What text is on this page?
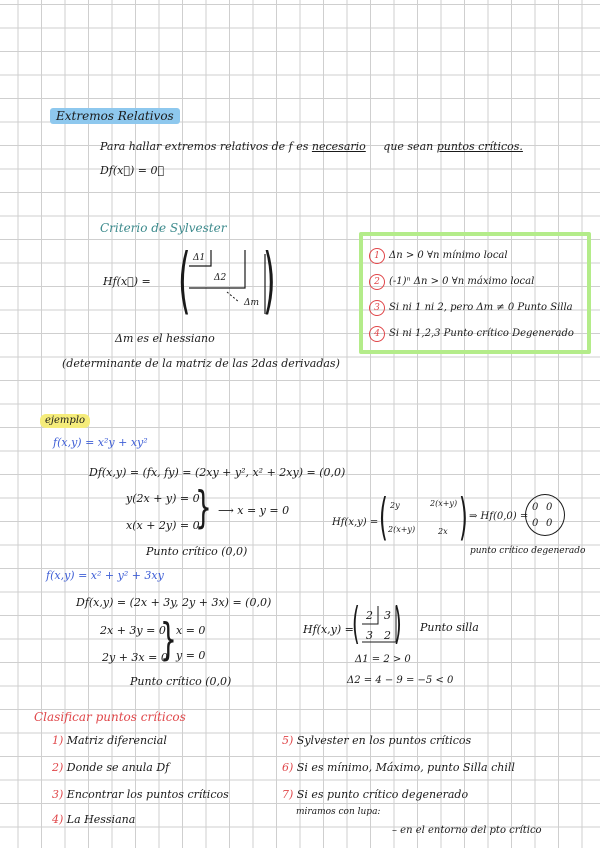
Extremos Relativos
Para hallar extremos relativos de f es necesario que sean puntos críticos.
Df(x⃗) = 0⃗
Criterio de Sylvester
Hf(x⃗) = ( )
Δ1
Δ2
Δm
Δm es el hessiano
(determinante de la matriz de las 2das derivadas)
1 Δn > 0 ∀n mínimo local
2 (-1)ⁿ Δn > 0 ∀n máximo local
3 Si ni 1 ni 2, pero Δm ≠ 0 Punto Silla
4 Si ni 1,2,3 Punto crítico Degenerado
ejemplo
f(x,y) = x²y + xy²
Df(x,y) = (fx, fy) = (2xy + y², x² + 2xy) = (0,0)
y(2x + y) = 0
x(x + 2y) = 0
} ⟶ x = y = 0
Punto crítico (0,0)
Hf(x,y) = ( 2y	2(x+y)
2(x+y)	2x ) ⇒ Hf(0,0) =
0 0
0 0
punto crítico degenerado
f(x,y) = x² + y² + 3xy
Df(x,y) = (2x + 3y, 2y + 3x) = (0,0)
2x + 3y = 0
2y + 3x = 0
} x = 0
y = 0
Punto crítico (0,0)
Hf(x,y) =
( 2 3
3 2 ) Punto silla
Δ1 = 2 > 0
Δ2 = 4 − 9 = −5 < 0
Clasificar puntos críticos
1) Matriz diferencial
2) Donde se anula Df
3) Encontrar los puntos críticos
4) La Hessiana
5) Sylvester en los puntos críticos
6) Si es mínimo, Máximo, punto Silla chill
7) Si es punto crítico degenerado
miramos con lupa:
– en el entorno del pto crítico
